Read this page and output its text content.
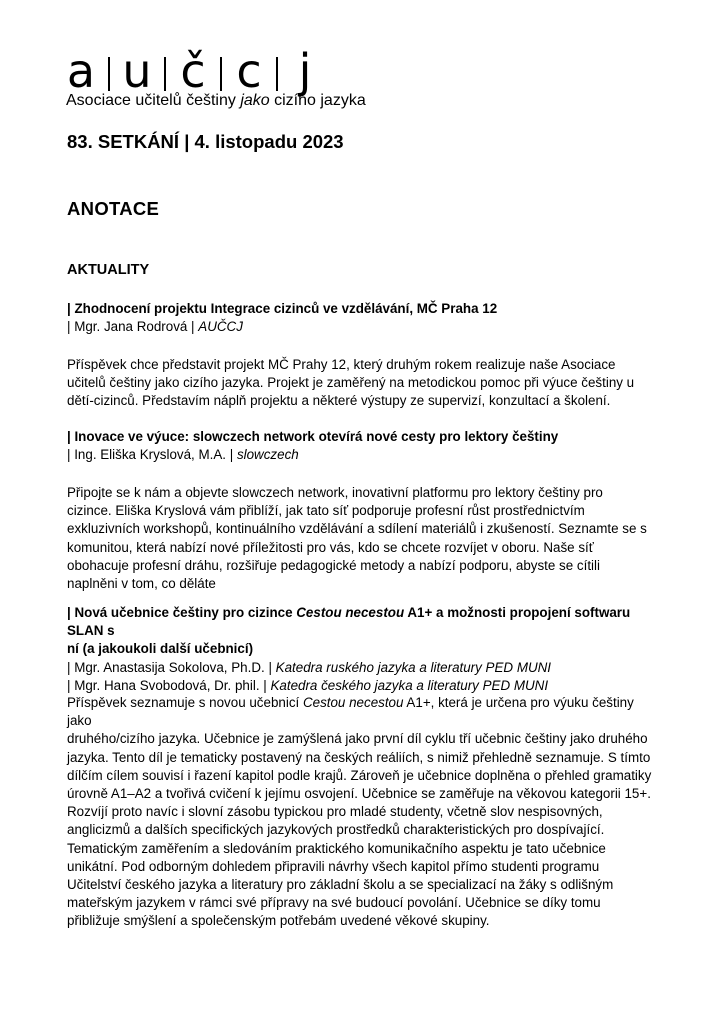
a u č c j
Asociace učitelů češtiny jako cizího jazyka
83. SETKÁNÍ | 4. listopadu 2023
ANOTACE
AKTUALITY
| Zhodnocení projektu Integrace cizinců ve vzdělávání, MČ Praha 12
| Mgr. Jana Rodrová | AUČCJ
Příspěvek chce představit projekt MČ Prahy 12, který druhým rokem realizuje naše Asociace
učitelů češtiny jako cizího jazyka. Projekt je zaměřený na metodickou pomoc při výuce češtiny u
dětí-cizinců. Představím náplň projektu a některé výstupy ze supervizí, konzultací a školení.
| Inovace ve výuce: slowczech network otevírá nové cesty pro lektory češtiny
| Ing. Eliška Kryslová, M.A. | slowczech
Připojte se k nám a objevte slowczech network, inovativní platformu pro lektory češtiny pro
cizince. Eliška Kryslová vám přiblíží, jak tato síť podporuje profesní růst prostřednictvím
exkluzivních workshopů, kontinuálního vzdělávání a sdílení materiálů i zkušeností. Seznamte se s
komunitou, která nabízí nové příležitosti pro vás, kdo se chcete rozvíjet v oboru. Naše síť
obohacuje profesní dráhu, rozšiřuje pedagogické metody a nabízí podporu, abyste se cítili
naplněni v tom, co děláte
| Nová učebnice češtiny pro cizince Cestou necestou A1+ a možnosti propojení softwaru SLAN s
ní (a jakoukoli další učebnicí)
| Mgr. Anastasija Sokolova, Ph.D. | Katedra ruského jazyka a literatury PED MUNI
| Mgr. Hana Svobodová, Dr. phil. | Katedra českého jazyka a literatury PED MUNI
Příspěvek seznamuje s novou učebnicí Cestou necestou A1+, která je určena pro výuku češtiny jako
druhého/cizího jazyka. Učebnice je zamýšlená jako první díl cyklu tří učebnic češtiny jako druhého
jazyka. Tento díl je tematicky postavený na českých reáliích, s nimiž přehledně seznamuje. S tímto
dílčím cílem souvisí i řazení kapitol podle krajů. Zároveň je učebnice doplněna o přehled gramatiky
úrovně A1–A2 a tvořivá cvičení k jejímu osvojení. Učebnice se zaměřuje na věkovou kategorii 15+.
Rozvíjí proto navíc i slovní zásobu typickou pro mladé studenty, včetně slov nespisovných,
anglicizmů a dalších specifických jazykových prostředků charakteristických pro dospívající.
Tematickým zaměřením a sledováním praktického komunikačního aspektu je tato učebnice
unikátní. Pod odborným dohledem připravili návrhy všech kapitol přímo studenti programu
Učitelství českého jazyka a literatury pro základní školu a se specializací na žáky s odlišným
mateřským jazykem v rámci své přípravy na své budoucí povolání. Učebnice se díky tomu
přibližuje smýšlení a společenským potřebám uvedené věkové skupiny.
